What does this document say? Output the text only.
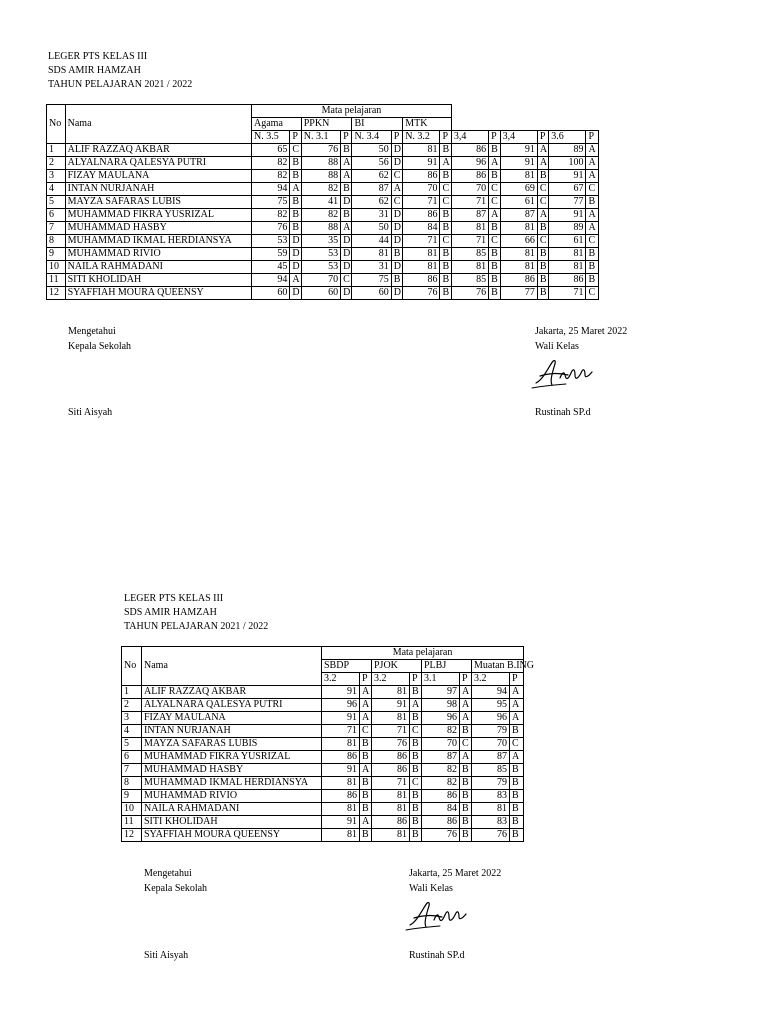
LEGER PTS KELAS III
SDS AMIR HAMZAH
TAHUN PELAJARAN 2021 / 2022
		Mata pelajaran													
No	Nama	Agama		PPKN		BI		MTK							
		N. 3.5	P	N. 3.1	P	N. 3.4	P	N. 3.2	P	3,4	P	3,4	P	3.6	P
1	ALIF RAZZAQ AKBAR	65	C	76	B	50	D	81	B	86	B	91	A	89	A
2	ALYALNARA QALESYA PUTRI	82	B	88	A	56	D	91	A	96	A	91	A	100	A
3	FIZAY MAULANA	82	B	88	A	62	C	86	B	86	B	81	B	91	A
4	INTAN NURJANAH	94	A	82	B	87	A	70	C	70	C	69	C	67	C
5	MAYZA SAFARAS LUBIS	75	B	41	D	62	C	71	C	71	C	61	C	77	B
6	MUHAMMAD FIKRA YUSRIZAL	82	B	82	B	31	D	86	B	87	A	87	A	91	A
7	MUHAMMAD HASBY	76	B	88	A	50	D	84	B	81	B	81	B	89	A
8	MUHAMMAD IKMAL HERDIANSYA	53	D	35	D	44	D	71	C	71	C	66	C	61	C
9	MUHAMMAD RIVIO	59	D	53	D	81	B	81	B	85	B	81	B	81	B
10	NAILA RAHMADANI	45	D	53	D	31	D	81	B	81	B	81	B	81	B
11	SITI KHOLIDAH	94	A	70	C	75	B	86	B	85	B	86	B	86	B
12	SYAFFIAH MOURA QUEENSY	60	D	60	D	60	D	76	B	76	B	77	B	71	C
Mengetahui
Kepala Sekolah
Jakarta, 25 Maret 2022
Wali Kelas
Siti Aisyah	Rustinah SP.d
LEGER PTS KELAS III
SDS AMIR HAMZAH
TAHUN PELAJARAN 2021 / 2022
		Mata pelajaran							
No	Nama	SBDP		PJOK		PLBJ		Muatan B.ING	
		3.2	P	3.2	P	3.1	P	3.2	P
1	ALIF RAZZAQ AKBAR	91	A	81	B	97	A	94	A
2	ALYALNARA QALESYA PUTRI	96	A	91	A	98	A	95	A
3	FIZAY MAULANA	91	A	81	B	96	A	96	A
4	INTAN NURJANAH	71	C	71	C	82	B	79	B
5	MAYZA SAFARAS LUBIS	81	B	76	B	70	C	70	C
6	MUHAMMAD FIKRA YUSRIZAL	86	B	86	B	87	A	87	A
7	MUHAMMAD HASBY	91	A	86	B	82	B	85	B
8	MUHAMMAD IKMAL HERDIANSYA	81	B	71	C	82	B	79	B
9	MUHAMMAD RIVIO	86	B	81	B	86	B	83	B
10	NAILA RAHMADANI	81	B	81	B	84	B	81	B
11	SITI KHOLIDAH	91	A	86	B	86	B	83	B
12	SYAFFIAH MOURA QUEENSY	81	B	81	B	76	B	76	B
Mengetahui
Kepala Sekolah
Jakarta, 25 Maret 2022
Wali Kelas
Siti Aisyah	Rustinah SP.d
